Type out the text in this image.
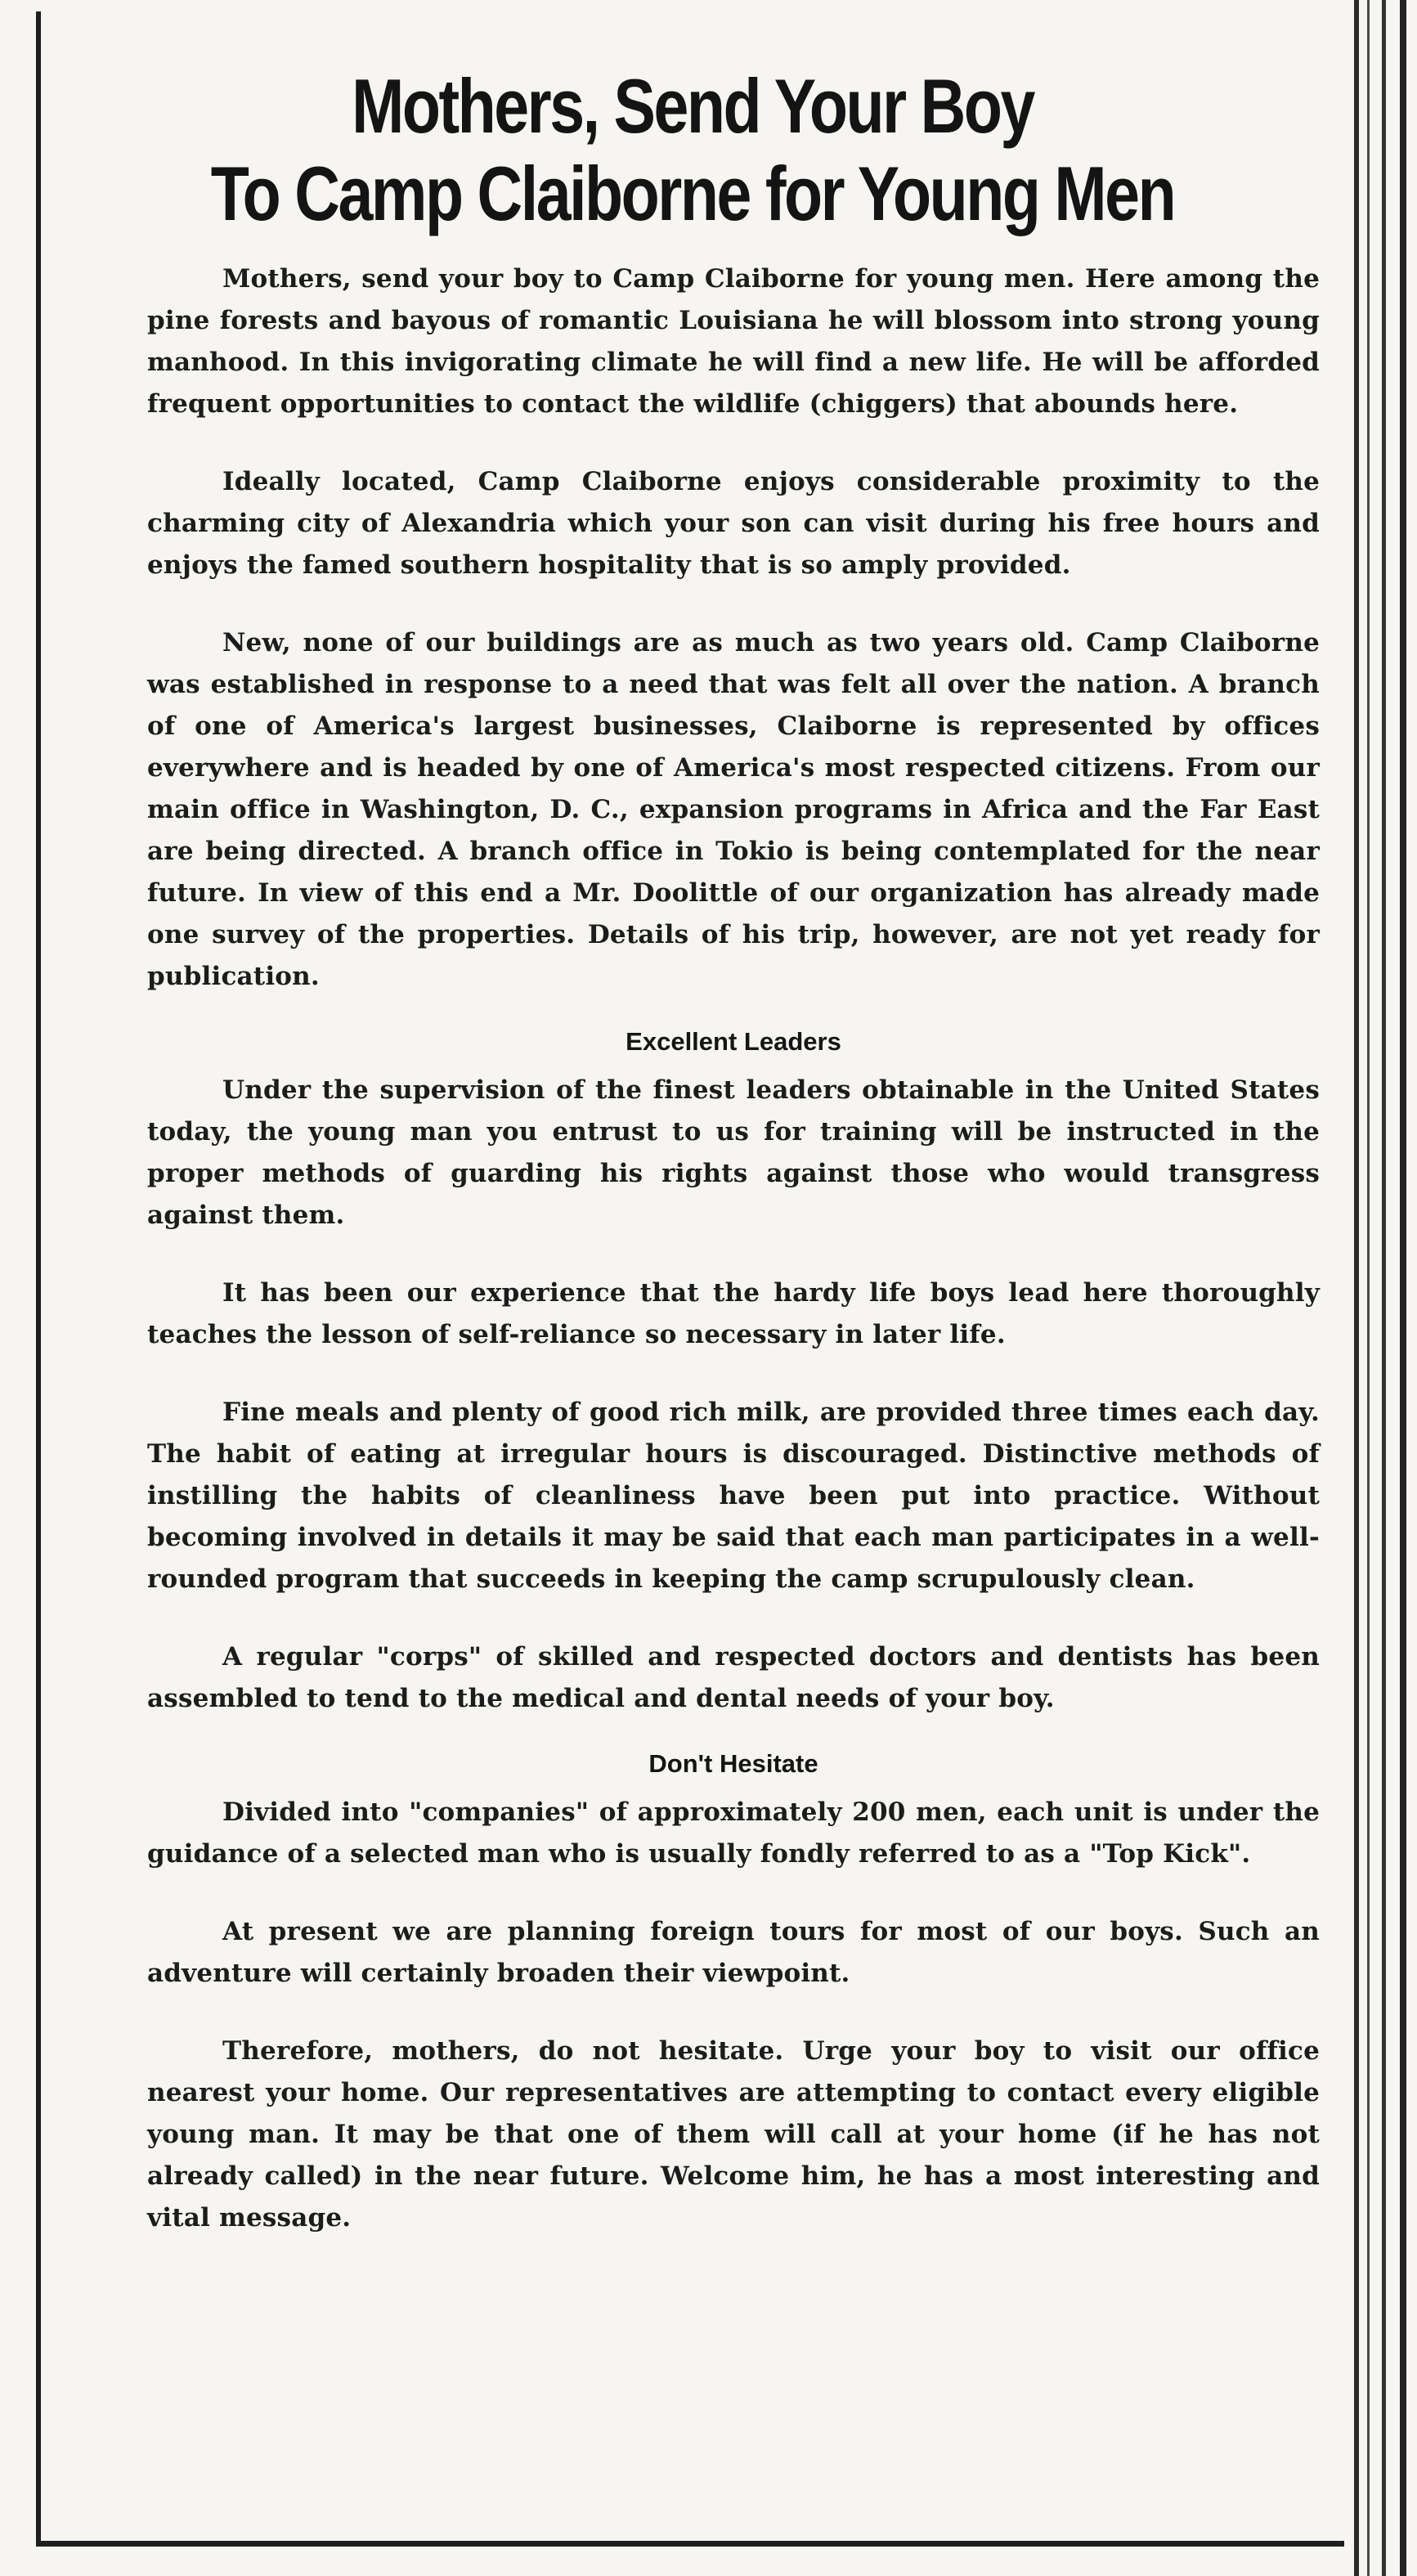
Mothers, Send Your Boy
To Camp Claiborne for Young Men

Mothers, send your boy to Camp Claiborne for young men. Here among the pine forests and bayous of romantic Louisiana he will blossom into strong young manhood. In this invigorating climate he will find a new life. He will be afforded frequent opportunities to contact the wildlife (chiggers) that abounds here.

Ideally located, Camp Claiborne enjoys considerable proximity to the charming city of Alexandria which your son can visit during his free hours and enjoys the famed southern hospitality that is so amply provided.

New, none of our buildings are as much as two years old. Camp Claiborne was established in response to a need that was felt all over the nation. A branch of one of America's largest businesses, Claiborne is represented by offices everywhere and is headed by one of America's most respected citizens. From our main office in Washington, D. C., expansion programs in Africa and the Far East are being directed. A branch office in Tokio is being contemplated for the near future. In view of this end a Mr. Doolittle of our organization has already made one survey of the properties. Details of his trip, however, are not yet ready for publication.

Excellent Leaders

Under the supervision of the finest leaders obtainable in the United States today, the young man you entrust to us for training will be instructed in the proper methods of guarding his rights against those who would transgress against them.

It has been our experience that the hardy life boys lead here thoroughly teaches the lesson of self-reliance so necessary in later life.

Fine meals and plenty of good rich milk, are provided three times each day. The habit of eating at irregular hours is discouraged. Distinctive methods of instilling the habits of cleanliness have been put into practice. Without becoming involved in details it may be said that each man participates in a well-rounded program that succeeds in keeping the camp scrupulously clean.

A regular "corps" of skilled and respected doctors and dentists has been assembled to tend to the medical and dental needs of your boy.

Don't Hesitate

Divided into "companies" of approximately 200 men, each unit is under the guidance of a selected man who is usually fondly referred to as a "Top Kick".

At present we are planning foreign tours for most of our boys. Such an adventure will certainly broaden their viewpoint.

Therefore, mothers, do not hesitate. Urge your boy to visit our office nearest your home. Our representatives are attempting to contact every eligible young man. It may be that one of them will call at your home (if he has not already called) in the near future. Welcome him, he has a most interesting and vital message.
